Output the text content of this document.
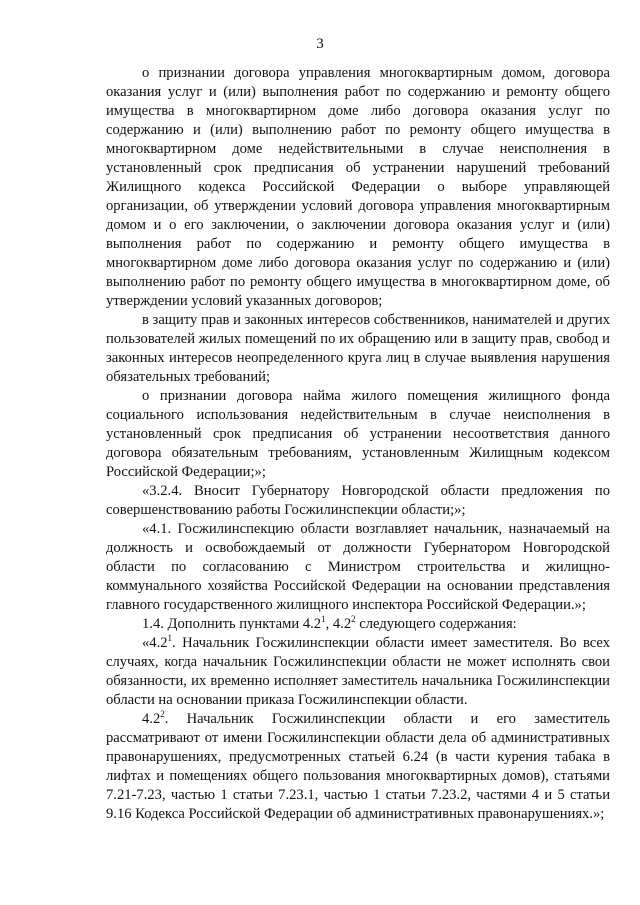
3

о признании договора управления многоквартирным домом, договора оказания услуг и (или) выполнения работ по содержанию и ремонту общего имущества в многоквартирном доме либо договора оказания услуг по содержанию и (или) выполнению работ по ремонту общего имущества в многоквартирном доме недействительными в случае неисполнения в установленный срок предписания об устранении нарушений требований Жилищного кодекса Российской Федерации о выборе управляющей организации, об утверждении условий договора управления многоквартирным домом и о его заключении, о заключении договора оказания услуг и (или) выполнения работ по содержанию и ремонту общего имущества в многоквартирном доме либо договора оказания услуг по содержанию и (или) выполнению работ по ремонту общего имущества в многоквартирном доме, об утверждении условий указанных договоров;

в защиту прав и законных интересов собственников, нанимателей и других пользователей жилых помещений по их обращению или в защиту прав, свобод и законных интересов неопределенного круга лиц в случае выявления нарушения обязательных требований;

о признании договора найма жилого помещения жилищного фонда социального использования недействительным в случае неисполнения в установленный срок предписания об устранении несоответствия данного договора обязательным требованиям, установленным Жилищным кодексом Российской Федерации;»;

«3.2.4. Вносит Губернатору Новгородской области предложения по совершенствованию работы Госжилинспекции области;»;

«4.1. Госжилинспекцию области возглавляет начальник, назначаемый на должность и освобождаемый от должности Губернатором Новгородской области по согласованию с Министром строительства и жилищно-коммунального хозяйства Российской Федерации на основании представления главного государственного жилищного инспектора Российской Федерации.»;

1.4. Дополнить пунктами $4.2^1$, $4.2^2$ следующего содержания:

«$4.2^1$. Начальник Госжилинспекции области имеет заместителя. Во всех случаях, когда начальник Госжилинспекции области не может исполнять свои обязанности, их временно исполняет заместитель начальника Госжилинспекции области на основании приказа Госжилинспекции области.

$4.2^2$. Начальник Госжилинспекции области и его заместитель рассматривают от имени Госжилинспекции области дела об административных правонарушениях, предусмотренных статьей 6.24 (в части курения табака в лифтах и помещениях общего пользования многоквартирных домов), статьями 7.21-7.23, частью 1 статьи 7.23.1, частью 1 статьи 7.23.2, частями 4 и 5 статьи 9.16 Кодекса Российской Федерации об административных правонарушениях.»;
